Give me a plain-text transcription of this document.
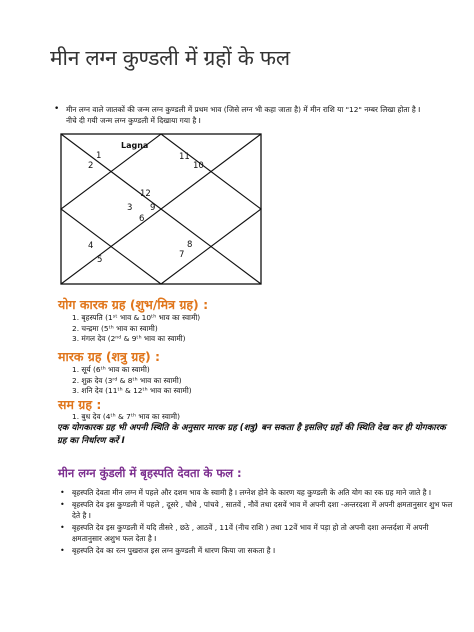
मीन लग्न कुण्डली में ग्रहों के फल
• मीन लग्न वाले जातकों की जन्म लग्न कुण्डली में प्रथम भाव (जिसे लग्न भी कहा जाता है) में मीन राशि या "12" नम्बर लिखा होता है I नीचे दी गयी जन्म लग्न कुण्डली में दिखाया गया है I
Lagna
12
1
2
3
4
5
6
7
8
9
10
11
योग कारक ग्रह (शुभ/मित्र ग्रह) :
1. बृहस्पति (1ˢᵗ भाव & 10ᵗʰ भाव का स्वामी)
2. चन्द्रमा (5ᵗʰ भाव का स्वामी)
3. मंगल देव (2ⁿᵈ & 9ᵗʰ भाव का स्वामी)
मारक ग्रह (शत्रु ग्रह) :
1. सूर्य (6ᵗʰ भाव का स्वामी)
2. शुक्र देव (3ʳᵈ & 8ᵗʰ भाव का स्वामी)
3. शनि देव (11ᵗʰ & 12ᵗʰ भाव का स्वामी)
सम ग्रह :
1. बुध देव (4ᵗʰ & 7ᵗʰ भाव का स्वामी)
एक योगकारक ग्रह भी अपनी स्थिति के अनुसार मारक ग्रह (शत्रु) बन सकता है इसलिए ग्रहों की स्थिति देख कर ही योगकारक ग्रह का निर्धारण करें I
मीन लग्न कुंडली में बृहस्पति देवता के फल :
• बृहस्पति देवता मीन लग्न में पहले और दशम भाव के स्वामी है I लग्नेश होने के कारण यह कुण्डली के अति योग का रक ग्रह माने जाते है I
• बृहस्पति देव इस कुण्डली में पहले , दूसरे , चौथे , पांचवे , सातवें , नौवें तथा दसवें भाव में अपनी दशा -अन्तरदशा में अपनी क्षमतानुसार शुभ फल देते है I
• बृहस्पति देव इस कुण्डली में यदि तीसरे , छठे , आठवें , 11वें (नीच राशि ) तथा 12वें भाव में पड़ा हो तो अपनी दशा अन्तर्दशा में अपनी क्षमतानुसार अशुभ फल देता है I
• बृहस्पति देव का रत्न पुखराज इस लग्न कुण्डली में धारण किया जा सकता है I
